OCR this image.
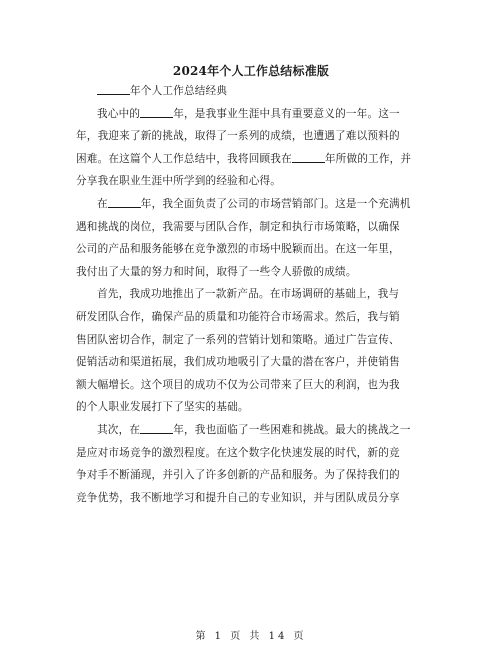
2024年个人工作总结标准版
年个人工作总结经典
我心中的	年，是我事业生涯中具有重要意义的一年。这一
年，我迎来了新的挑战，取得了一系列的成绩，也遭遇了难以预料的
困难。在这篇个人工作总结中，我将回顾我在	年所做的工作，并
分享我在职业生涯中所学到的经验和心得。
在	年，我全面负责了公司的市场营销部门。这是一个充满机
遇和挑战的岗位，我需要与团队合作，制定和执行市场策略，以确保
公司的产品和服务能够在竞争激烈的市场中脱颖而出。在这一年里，
我付出了大量的努力和时间，取得了一些令人骄傲的成绩。
首先，我成功地推出了一款新产品。在市场调研的基础上，我与
研发团队合作，确保产品的质量和功能符合市场需求。然后，我与销
售团队密切合作，制定了一系列的营销计划和策略。通过广告宣传、
促销活动和渠道拓展，我们成功地吸引了大量的潜在客户，并使销售
额大幅增长。这个项目的成功不仅为公司带来了巨大的利润，也为我
的个人职业发展打下了坚实的基础。
其次，在	年，我也面临了一些困难和挑战。最大的挑战之一
是应对市场竞争的激烈程度。在这个数字化快速发展的时代，新的竞
争对手不断涌现，并引入了许多创新的产品和服务。为了保持我们的
竞争优势，我不断地学习和提升自己的专业知识，并与团队成员分享
第 1 页 共 14 页
